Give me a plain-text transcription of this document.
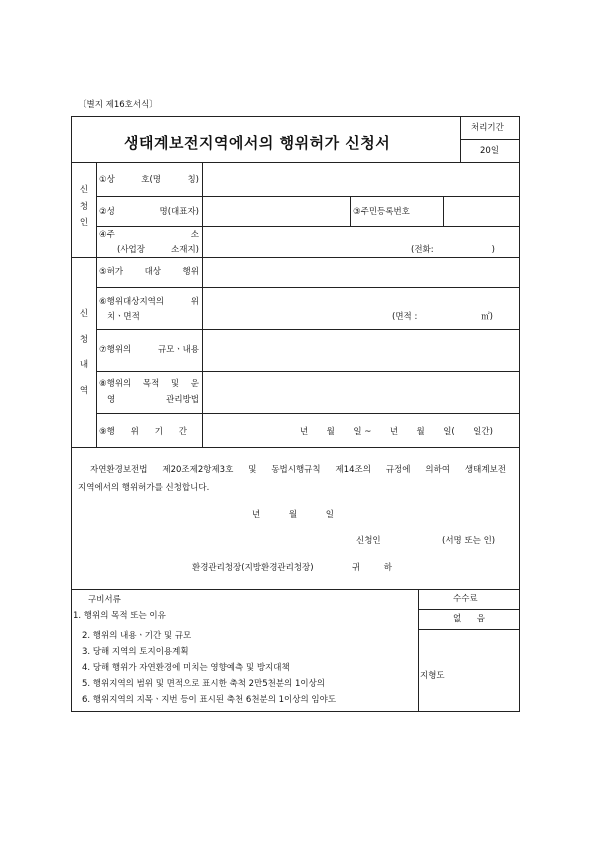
〔별지 제16호서식〕
생태계보전지역에서의 행위허가 신청서
처리기간
20일
신
청
인
①상	호(명	칭)
②성	명(대표자)	③주민등록번호
④주	소
(사업장	소재지)	(전화:	)
신
청
내
역
⑤허가	대상	행위
⑥행위대상지역의	위
치ㆍ면적	(면적 :	㎡)
⑦행위의	규모ㆍ내용
⑧행위의 목적 및 운
영	관리방법
⑨행 위 기 간	년 월 일 ~ 년 월 일( 일간)
자연환경보전법 제20조제2항제3호 및 동법시행규칙 제14조의 규정에 의하여 생태계보전
지역에서의 행위허가를 신청합니다.
년	월	일
신청인	(서명 또는 인)
환경관리청장(지방환경관리청장)	귀	하
구비서류
1. 행위의 목적 또는 이유
2. 행위의 내용ㆍ기간 및 규모
3. 당해 지역의 토지이용계획
4. 당해 행위가 자연환경에 미치는 영향예측 및 방지대책
5. 행위지역의 범위 및 면적으로 표시한 축척 2만5천분의 1이상의
6. 행위지역의 지목ㆍ지번 등이 표시된 축천 6천분의 1이상의 임야도
지형도
수수료
없 음
